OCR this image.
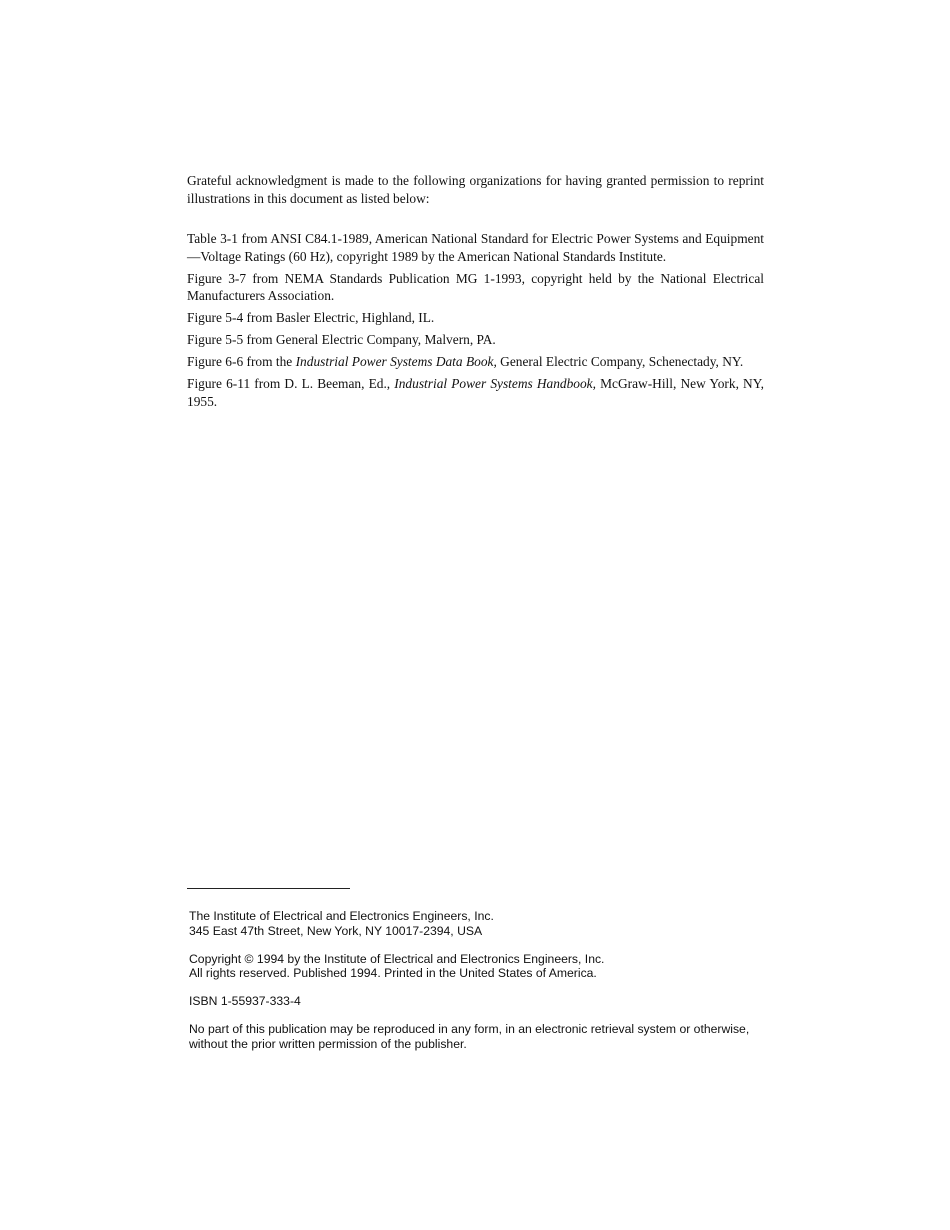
Grateful acknowledgment is made to the following organizations for having granted permission to reprint illustrations in this document as listed below:

Table 3-1 from ANSI C84.1-1989, American National Standard for Electric Power Systems and Equipment—Voltage Ratings (60 Hz), copyright 1989 by the American National Standards Institute.

Figure 3-7 from NEMA Standards Publication MG 1-1993, copyright held by the National Electrical Manufacturers Association.

Figure 5-4 from Basler Electric, Highland, IL.

Figure 5-5 from General Electric Company, Malvern, PA.

Figure 6-6 from the Industrial Power Systems Data Book, General Electric Company, Schenectady, NY.

Figure 6-11 from D. L. Beeman, Ed., Industrial Power Systems Handbook, McGraw-Hill, New York, NY, 1955.

The Institute of Electrical and Electronics Engineers, Inc.
345 East 47th Street, New York, NY 10017-2394, USA
Copyright © 1994 by the Institute of Electrical and Electronics Engineers, Inc.
All rights reserved. Published 1994. Printed in the United States of America.
ISBN 1-55937-333-4
No part of this publication may be reproduced in any form, in an electronic retrieval system or otherwise,
without the prior written permission of the publisher.
